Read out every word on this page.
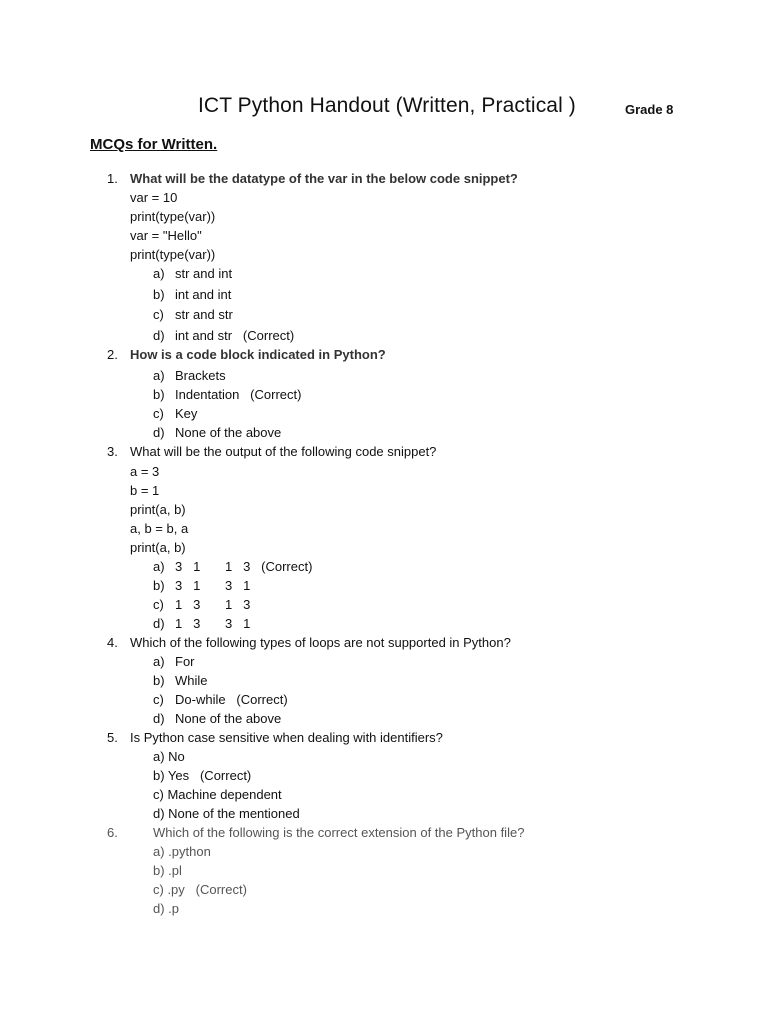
ICT Python Handout (Written, Practical )	Grade 8
MCQs for Written.
1. What will be the datatype of the var in the below code snippet?
var = 10
print(type(var))
var = "Hello"
print(type(var))
a) str and int
b) int and int
c) str and str
d) int and str   (Correct)
2. How is a code block indicated in Python?
a) Brackets
b) Indentation   (Correct)
c) Key
d) None of the above
3. What will be the output of the following code snippet?
a = 3
b = 1
print(a, b)
a, b = b, a
print(a, b)
a) 3   1 1   3   (Correct)
b) 3   1 3   1
c) 1   3 1   3
d) 1   3 3   1
4. Which of the following types of loops are not supported in Python?
a) For
b) While
c) Do-while   (Correct)
d) None of the above
5. Is Python case sensitive when dealing with identifiers?
a) No
b) Yes   (Correct)
c) Machine dependent
d) None of the mentioned
6.	Which of the following is the correct extension of the Python file?
a) .python
b) .pl
c) .py   (Correct)
d) .p
